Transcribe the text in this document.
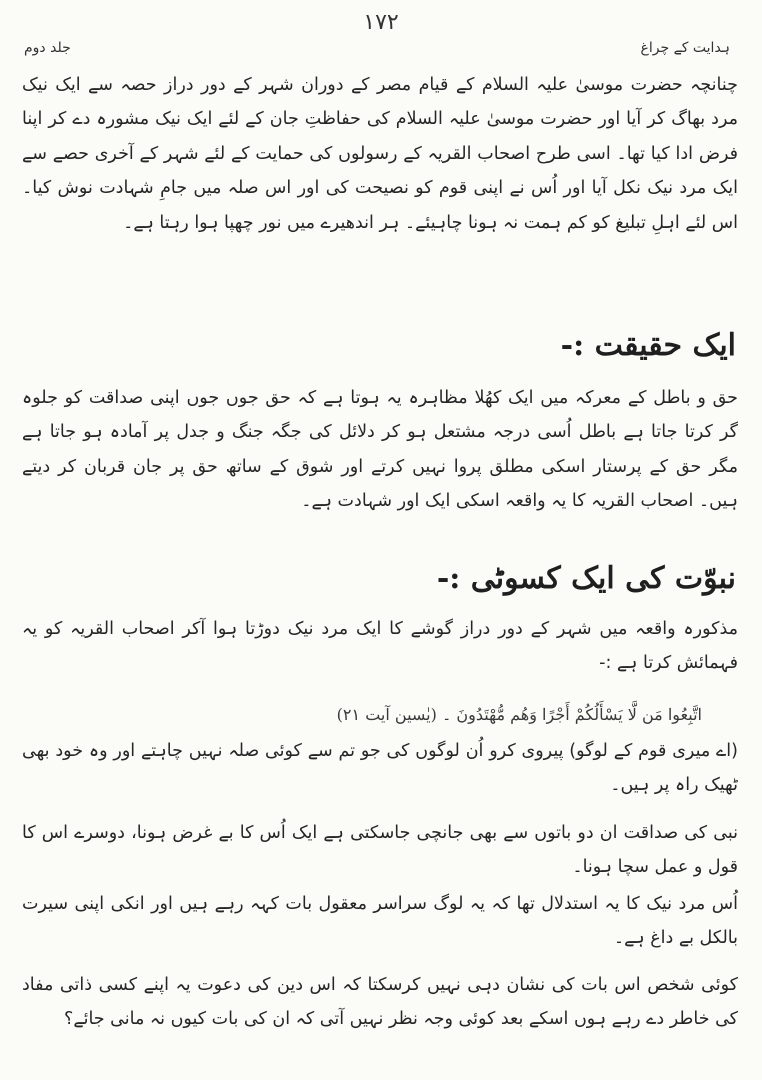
۱۷۲
ہدایت کے چراغ
جلد دوم

چنانچہ حضرت موسیٰ علیہ السلام کے قیام مصر کے دوران شہر کے دور دراز حصہ سے ایک نیک مرد بھاگ کر آیا اور حضرت موسیٰ علیہ السلام کی حفاظتِ جان کے لئے ایک نیک مشورہ دے کر اپنا فرض ادا کیا تھا۔ اسی طرح اصحاب القریہ کے رسولوں کی حمایت کے لئے شہر کے آخری حصے سے ایک مرد نیک نکل آیا اور اُس نے اپنی قوم کو نصیحت کی اور اس صلہ میں جامِ شہادت نوش کیا۔ اس لئے اہلِ تبلیغ کو کم ہمت نہ ہونا چاہیئے۔ ہر اندھیرے میں نور چھپا ہوا رہتا ہے۔

ایک حقیقت :-

حق و باطل کے معرکہ میں ایک کھُلا مظاہرہ یہ ہوتا ہے کہ حق جوں جوں اپنی صداقت کو جلوہ گر کرتا جاتا ہے باطل اُسی درجہ مشتعل ہو کر دلائل کی جگہ جنگ و جدل پر آمادہ ہو جاتا ہے مگر حق کے پرستار اسکی مطلق پروا نہیں کرتے اور شوق کے ساتھ حق پر جان قربان کر دیتے ہیں۔ اصحاب القریہ کا یہ واقعہ اسکی ایک اور شہادت ہے۔

نبوّت کی ایک کسوٹی :-

مذکورہ واقعہ میں شہر کے دور دراز گوشے کا ایک مرد نیک دوڑتا ہوا آکر اصحاب القریہ کو یہ فہمائش کرتا ہے :-

اتَّبِعُوا مَن لَّا يَسْأَلُكُمْ أَجْرًا وَهُم مُّهْتَدُونَ ۔ (یٰسین آیت ۲۱)

(اے میری قوم کے لوگو) پیروی کرو اُن لوگوں کی جو تم سے کوئی صلہ نہیں چاہتے اور وہ خود بھی ٹھیک راہ پر ہیں۔

نبی کی صداقت ان دو باتوں سے بھی جانچی جاسکتی ہے ایک اُس کا بے غرض ہونا، دوسرے اس کا قول و عمل سچا ہونا۔

اُس مرد نیک کا یہ استدلال تھا کہ یہ لوگ سراسر معقول بات کہہ رہے ہیں اور انکی اپنی سیرت بالکل بے داغ ہے۔

کوئی شخص اس بات کی نشان دہی نہیں کرسکتا کہ اس دین کی دعوت یہ اپنے کسی ذاتی مفاد کی خاطر دے رہے ہوں اسکے بعد کوئی وجہ نظر نہیں آتی کہ ان کی بات کیوں نہ مانی جائے؟
